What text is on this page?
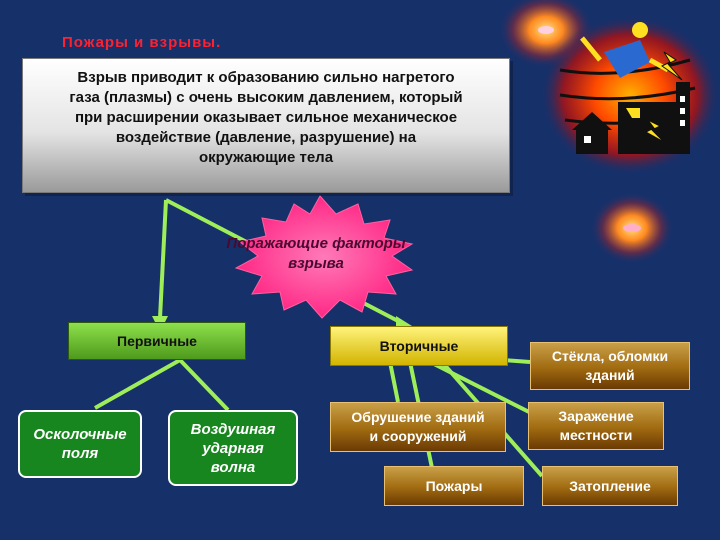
Пожары и взрывы.
Взрыв приводит к образованию сильно нагретого
газа (плазмы) с очень высоким давлением, который
при расширении оказывает сильное механическое
воздействие (давление, разрушение) на
окружающие тела
Поражающие факторы
взрыва
Первичные
Осколочные
поля
Воздушная
ударная
волна
Вторичные
Стёкла, обломки
зданий
Обрушение зданий
и сооружений
Заражение
местности
Пожары	Затопление
